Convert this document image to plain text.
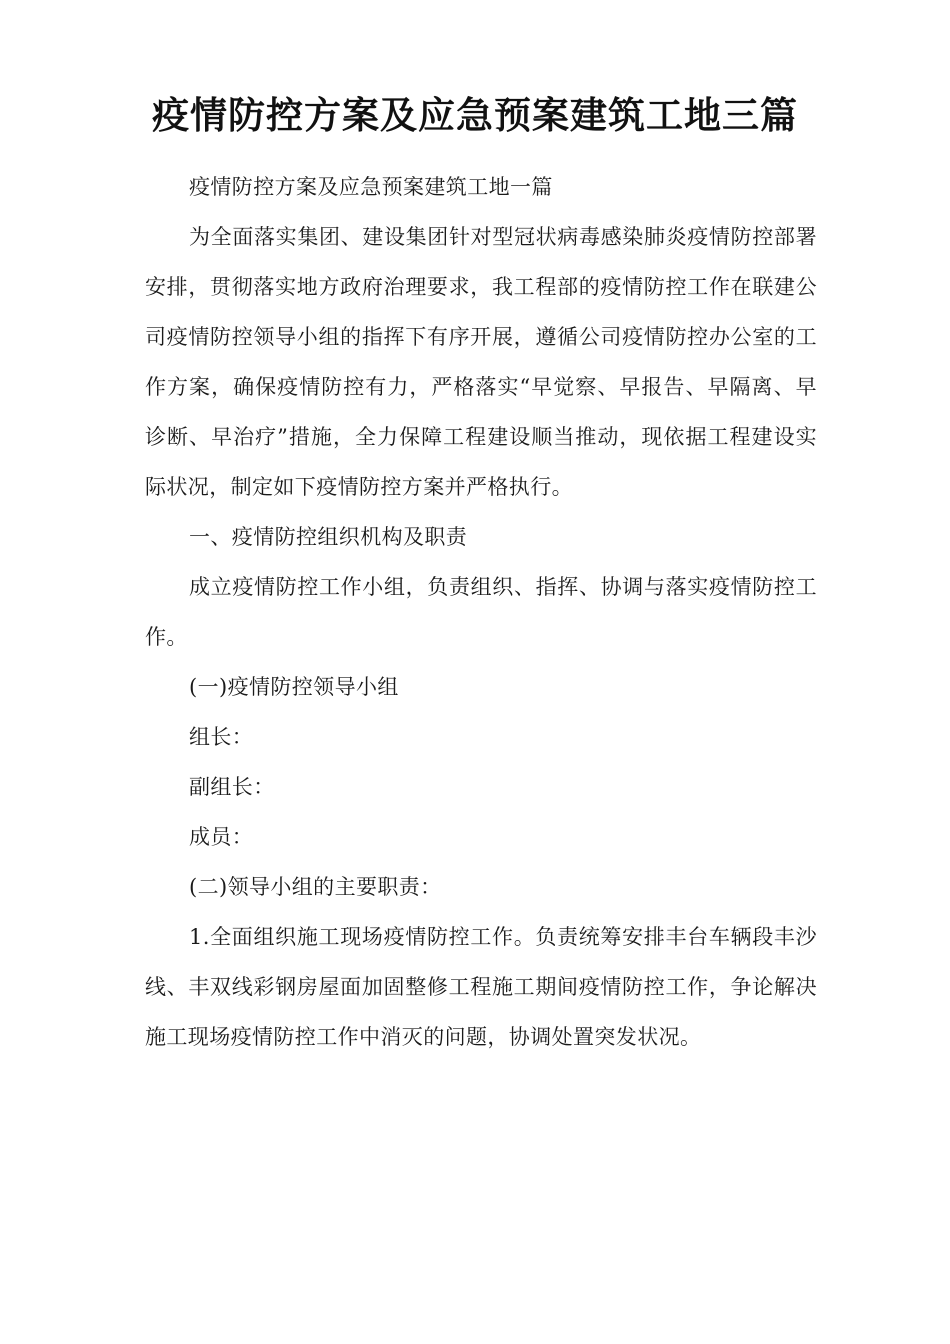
疫情防控方案及应急预案建筑工地三篇

疫情防控方案及应急预案建筑工地一篇

为全面落实集团、建设集团针对型冠状病毒感染肺炎疫情防控部署安排，贯彻落实地方政府治理要求，我工程部的疫情防控工作在联建公司疫情防控领导小组的指挥下有序开展，遵循公司疫情防控办公室的工作方案，确保疫情防控有力，严格落实“早觉察、早报告、早隔离、早诊断、早治疗”措施，全力保障工程建设顺当推动，现依据工程建设实际状况，制定如下疫情防控方案并严格执行。

一、疫情防控组织机构及职责

成立疫情防控工作小组，负责组织、指挥、协调与落实疫情防控工作。

(一)疫情防控领导小组

组长：

副组长：

成员：

(二)领导小组的主要职责：

1.全面组织施工现场疫情防控工作。负责统筹安排丰台车辆段丰沙线、丰双线彩钢房屋面加固整修工程施工期间疫情防控工作，争论解决施工现场疫情防控工作中消灭的问题，协调处置突发状况。
